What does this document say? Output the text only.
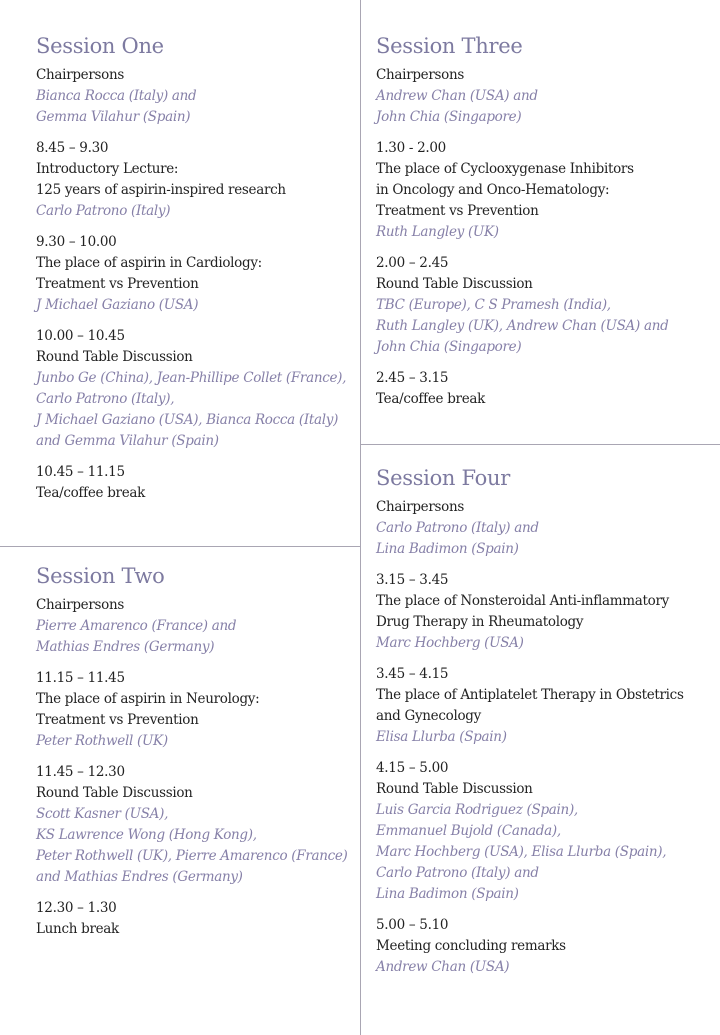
Session One
Chairpersons
Bianca Rocca (Italy) and
Gemma Vilahur (Spain)
8.45 – 9.30
Introductory Lecture:
125 years of aspirin-inspired research
Carlo Patrono (Italy)
9.30 – 10.00
The place of aspirin in Cardiology:
Treatment vs Prevention
J Michael Gaziano (USA)
10.00 – 10.45
Round Table Discussion
Junbo Ge (China), Jean-Phillipe Collet (France),
Carlo Patrono (Italy),
J Michael Gaziano (USA), Bianca Rocca (Italy)
and Gemma Vilahur (Spain)
10.45 – 11.15
Tea/coffee break
Session Two
Chairpersons
Pierre Amarenco (France) and
Mathias Endres (Germany)
11.15 – 11.45
The place of aspirin in Neurology:
Treatment vs Prevention
Peter Rothwell (UK)
11.45 – 12.30
Round Table Discussion
Scott Kasner (USA),
KS Lawrence Wong (Hong Kong),
Peter Rothwell (UK), Pierre Amarenco (France)
and Mathias Endres (Germany)
12.30 – 1.30
Lunch break
Session Three
Chairpersons
Andrew Chan (USA) and
John Chia (Singapore)
1.30 - 2.00
The place of Cyclooxygenase Inhibitors
in Oncology and Onco-Hematology:
Treatment vs Prevention
Ruth Langley (UK)
2.00 – 2.45
Round Table Discussion
TBC (Europe), C S Pramesh (India),
Ruth Langley (UK), Andrew Chan (USA) and
John Chia (Singapore)
2.45 – 3.15
Tea/coffee break
Session Four
Chairpersons
Carlo Patrono (Italy) and
Lina Badimon (Spain)
3.15 – 3.45
The place of Nonsteroidal Anti-inflammatory
Drug Therapy in Rheumatology
Marc Hochberg (USA)
3.45 – 4.15
The place of Antiplatelet Therapy in Obstetrics
and Gynecology
Elisa Llurba (Spain)
4.15 – 5.00
Round Table Discussion
Luis Garcia Rodriguez (Spain),
Emmanuel Bujold (Canada),
Marc Hochberg (USA), Elisa Llurba (Spain),
Carlo Patrono (Italy) and
Lina Badimon (Spain)
5.00 – 5.10
Meeting concluding remarks
Andrew Chan (USA)
